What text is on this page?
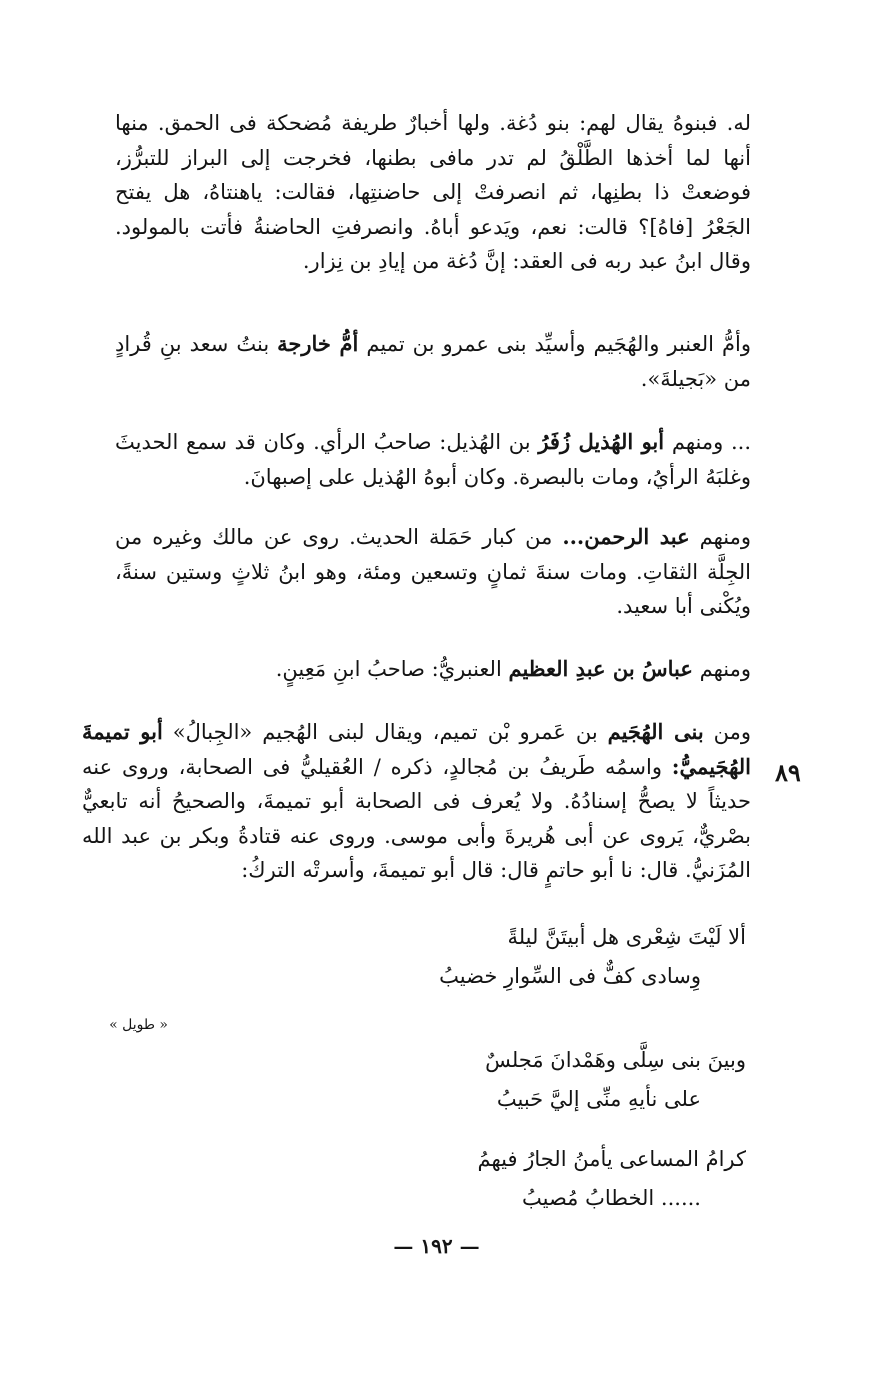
له. فبنوهُ يقال لهم: بنو دُغة. ولها أخبارٌ طريفة مُضحكة فى الحمق. منها أنها لما أخذها الطَّلْقُ لم تدر مافى بطنها، فخرجت إلى البراز للتبرُّز، فوضعتْ ذا بطنِها، ثم انصرفتْ إلى حاضنتِها، فقالت: ياهنتاهُ، هل يفتح الجَعْرُ [فاهُ]؟ قالت: نعم، ويَدعو أباهُ. وانصرفتِ الحاضنةُ فأتت بالمولود. وقال ابنُ عبد ربه فى العقد: إنَّ دُغة من إيادِ بن نِزار.

وأمُّ العنبر والهُجَيم وأسيِّد بنى عمرو بن تميم أمُّ خارجة بنتُ سعد بنِ قُرادٍ من «بَجيلةَ».

... ومنهم أبو الهُذيل زُفَرُ بن الهُذيل: صاحبُ الرأي. وكان قد سمع الحديثَ وغلبَهُ الرأيُ، ومات بالبصرة. وكان أبوهُ الهُذيل على إصبهانَ.

ومنهم عبد الرحمن... من كبار حَمَلة الحديث. روى عن مالك وغيره من الجِلَّة الثقاتِ. ومات سنةَ ثمانٍ وتسعين ومئة، وهو ابنُ ثلاثٍ وستين سنةً، ويُكْنى أبا سعيد.

ومنهم عباسُ بن عبدِ العظيم العنبريُّ: صاحبُ ابنِ مَعِينٍ.

ومن بنى الهُجَيم بن عَمرو بْن تميم، ويقال لبنى الهُجيم «الجِبالُ» أبو تميمةَ الهُجَيميُّ: واسمُه طَريفُ بن مُجالدٍ، ذكره / العُقيليُّ فى الصحابة، وروى عنه حديثاً لا يصحُّ إسنادُهُ. ولا يُعرف فى الصحابة أبو تميمةَ، والصحيحُ أنه تابعيٌّ بصْريٌّ، يَروى عن أبى هُريرةَ وأبى موسى. وروى عنه قتادةُ وبكر بن عبد الله المُزَنيُّ. قال: نا أبو حاتمٍ قال: قال أبو تميمةَ، وأسرتْه التركُ:

٨٩
ألا لَيْتَ شِعْرى هل أبيتَنَّ ليلةً
وِسادى كفٌّ فى السِّوارِ خضيبُ
« طويل »
وبينَ بنى سِلَّى وهَمْدانَ مَجلسٌ
على نأيهِ منِّى إليَّ حَبيبُ
كرامُ المساعى يأمنُ الجارُ فيهمُ
...... الخطابُ مُصيبُ
— ١٩٢ —
